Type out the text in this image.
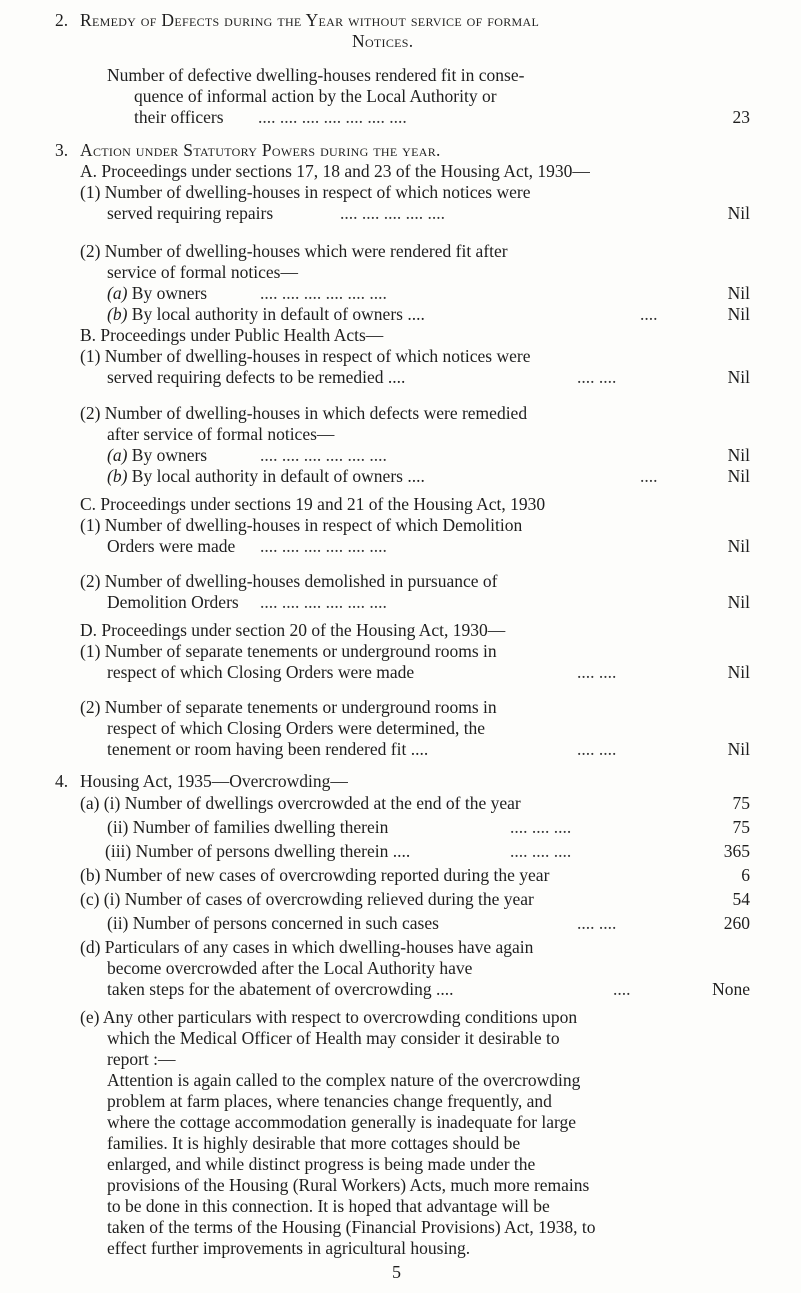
2. Remedy of Defects during the Year without service of formal
Notices.
Number of defective dwelling-houses rendered fit in conse-
quence of informal action by the Local Authority or
their officers .... .... .... .... .... .... ....	23
3. Action under Statutory Powers during the year.
A. Proceedings under sections 17, 18 and 23 of the Housing Act, 1930—
(1) Number of dwelling-houses in respect of which notices were
served requiring repairs	.... .... .... .... ....	Nil
(2) Number of dwelling-houses which were rendered fit after
service of formal notices—
(a) By owners	.... .... .... .... .... ....	Nil
(b) By local authority in default of owners ....	....	Nil
B. Proceedings under Public Health Acts—
(1) Number of dwelling-houses in respect of which notices were
served requiring defects to be remedied ....	.... ....	Nil
(2) Number of dwelling-houses in which defects were remedied
after service of formal notices—
(a) By owners	.... .... .... .... .... ....	Nil
(b) By local authority in default of owners ....	....	Nil
C. Proceedings under sections 19 and 21 of the Housing Act, 1930
(1) Number of dwelling-houses in respect of which Demolition
Orders were made .... .... .... .... .... ....	Nil
(2) Number of dwelling-houses demolished in pursuance of
Demolition Orders .... .... .... .... .... ....	Nil
D. Proceedings under section 20 of the Housing Act, 1930—
(1) Number of separate tenements or underground rooms in
respect of which Closing Orders were made	.... ....	Nil
(2) Number of separate tenements or underground rooms in
respect of which Closing Orders were determined, the
tenement or room having been rendered fit ....	.... ....	Nil
4. Housing Act, 1935—Overcrowding—
(a) (i) Number of dwellings overcrowded at the end of the year	75
(ii) Number of families dwelling therein	.... .... ....	75
(iii) Number of persons dwelling therein ....	.... .... ....	365
(b) Number of new cases of overcrowding reported during the year	6
(c) (i) Number of cases of overcrowding relieved during the year	54
(ii) Number of persons concerned in such cases	.... ....	260
(d) Particulars of any cases in which dwelling-houses have again
become overcrowded after the Local Authority have
taken steps for the abatement of overcrowding ....	....	None
(e) Any other particulars with respect to overcrowding conditions upon
which the Medical Officer of Health may consider it desirable to
report :—
Attention is again called to the complex nature of the overcrowding
problem at farm places, where tenancies change frequently, and
where the cottage accommodation generally is inadequate for large
families. It is highly desirable that more cottages should be
enlarged, and while distinct progress is being made under the
provisions of the Housing (Rural Workers) Acts, much more remains
to be done in this connection. It is hoped that advantage will be
taken of the terms of the Housing (Financial Provisions) Act, 1938, to
effect further improvements in agricultural housing.
5
